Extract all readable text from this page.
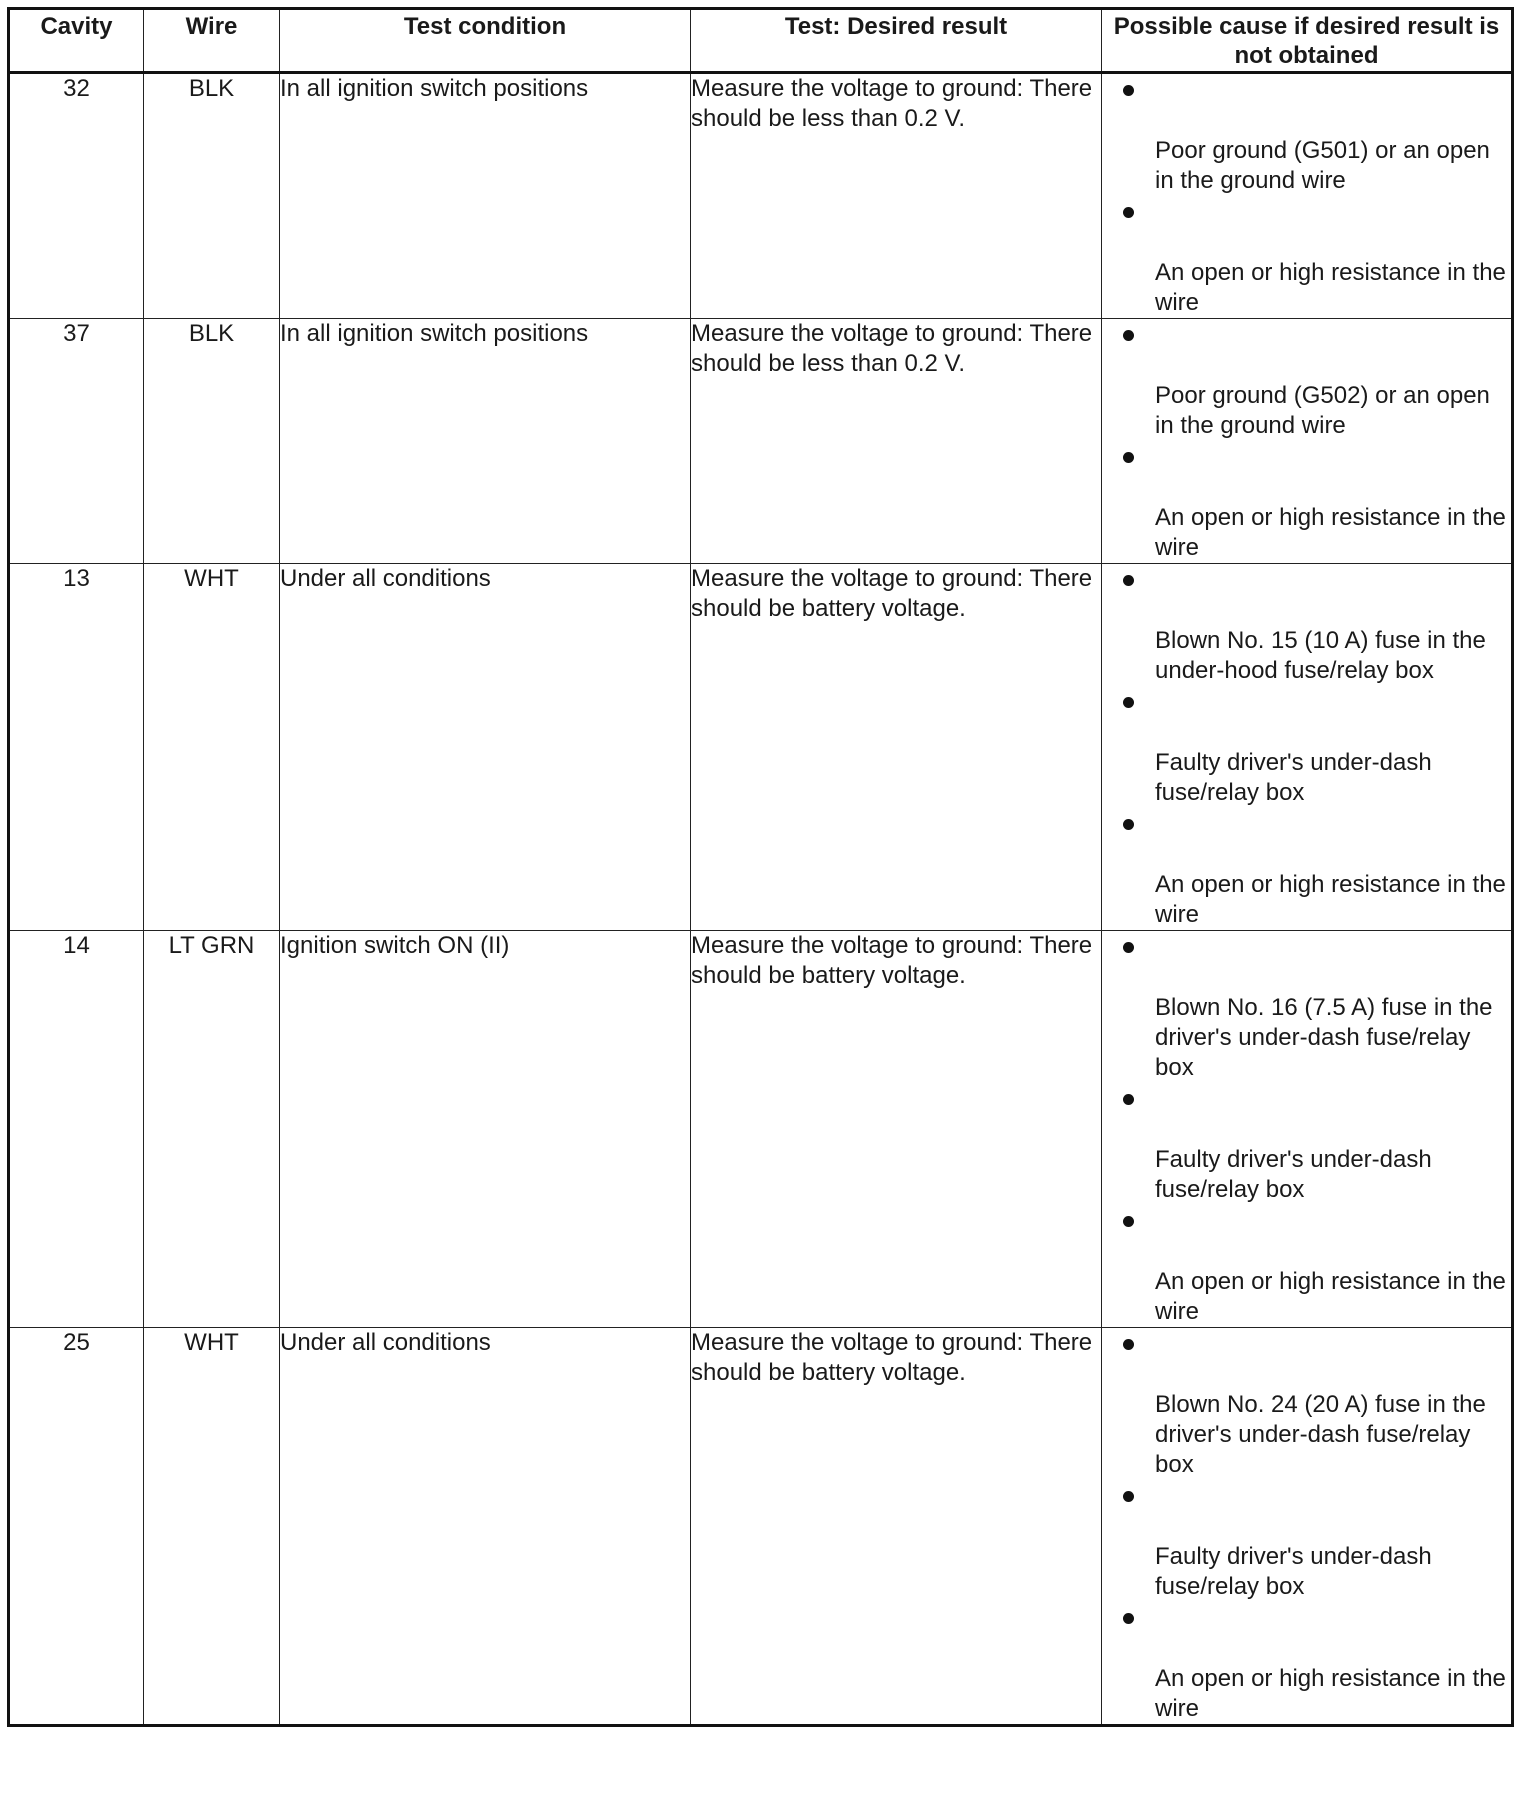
Cavity	Wire	Test condition	Test: Desired result	Possible cause if desired result is not obtained
32	BLK	In all ignition switch positions	Measure the voltage to ground: There should be less than 0.2 V.	Poor ground (G501) or an open in the ground wire
An open or high resistance in the wire

37	BLK	In all ignition switch positions	Measure the voltage to ground: There should be less than 0.2 V.	Poor ground (G502) or an open in the ground wire
An open or high resistance in the wire

13	WHT	Under all conditions	Measure the voltage to ground: There should be battery voltage.	Blown No. 15 (10 A) fuse in the under-hood fuse/relay box
Faulty driver's under-dash fuse/relay box
An open or high resistance in the wire

14	LT GRN	Ignition switch ON (II)	Measure the voltage to ground: There should be battery voltage.	Blown No. 16 (7.5 A) fuse in the driver's under-dash fuse/relay box
Faulty driver's under-dash fuse/relay box
An open or high resistance in the wire

25	WHT	Under all conditions	Measure the voltage to ground: There should be battery voltage.	Blown No. 24 (20 A) fuse in the driver's under-dash fuse/relay box
Faulty driver's under-dash fuse/relay box
An open or high resistance in the wire
